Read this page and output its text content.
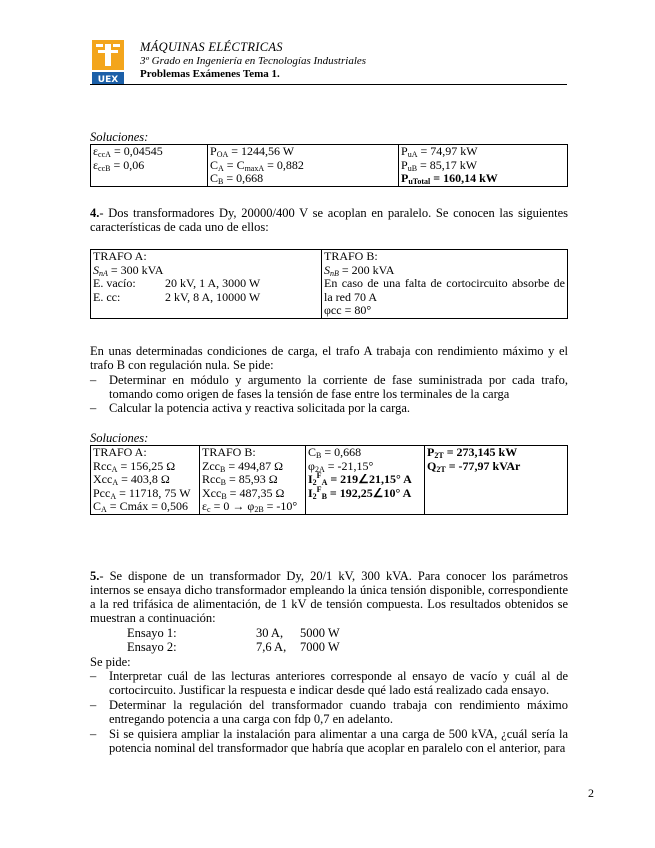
UEX
MÁQUINAS ELÉCTRICAS
3º Grado en Ingeniería en Tecnologías Industriales
Problemas Exámenes Tema 1.
Soluciones:
$\varepsilon_{ccA} = 0,04545$
$\varepsilon_{ccB} = 0,06$

$P_{OA} = 1244,56$ W
$C_A = C_{maxA} = 0,882$
$C_B = 0,668$

$P_{uA} = 74,97$ kW
$P_{uB} = 85,17$ kW
$P_{uTotal} = 160,14$ kW
4.- Dos transformadores Dy, 20000/400 V se acoplan en paralelo. Se conocen las siguientes características de cada uno de ellos:
TRAFO A:
$S_{nA} = 300$ kVA
E. vacío: 20 kV, 1 A, 3000 W
E. cc:	2 kV, 8 A, 10000 W

TRAFO B:
$S_{nB} = 200$ kVA
En caso de una falta de cortocircuito absorbe de la red 70 A
φcc = 80°
En unas determinadas condiciones de carga, el trafo A trabaja con rendimiento máximo y el trafo B con regulación nula. Se pide:
–	Determinar en módulo y argumento la corriente de fase suministrada por cada trafo, tomando como origen de fases la tensión de fase entre los terminales de la carga
–	Calcular la potencia activa y reactiva solicitada por la carga.
Soluciones:
TRAFO A:
Rcc$_A$ = 156,25 Ω
Xcc$_A$ = 403,8 Ω
Pcc$_A$ = 11718, 75 W
$C_A$ = Cmáx = 0,506

TRAFO B:
Zcc$_B$ = 494,87 Ω
Rcc$_B$ = 85,93 Ω
Xcc$_B$ = 487,35 Ω
$\varepsilon_c = 0 \to \varphi_{2B} = -10^\circ$

$C_B = 0,668$
$\varphi_{2A} = -21,15^\circ$
$I_2^F_A$ = 219∠21,15° A
$I_2^F_B$ = 192,25∠10° A

$P_{2T} = 273,145$ kW
$Q_{2T} = -77,97$ kVAr
5.- Se dispone de un transformador Dy, 20/1 kV, 300 kVA. Para conocer los parámetros internos se ensaya dicho transformador empleando la única tensión disponible, correspondiente a la red trifásica de alimentación, de 1 kV de tensión compuesta. Los resultados obtenidos se muestran a continuación:
Ensayo 1:	30 A, 5000 W
Ensayo 2:	7,6 A, 7000 W
Se pide:
–	Interpretar cuál de las lecturas anteriores corresponde al ensayo de vacío y cuál al de cortocircuito. Justificar la respuesta e indicar desde qué lado está realizado cada ensayo.
–	Determinar la regulación del transformador cuando trabaja con rendimiento máximo entregando potencia a una carga con fdp 0,7 en adelanto.
–	Si se quisiera ampliar la instalación para alimentar a una carga de 500 kVA, ¿cuál sería la potencia nominal del transformador que habría que acoplar en paralelo con el anterior, para
2
